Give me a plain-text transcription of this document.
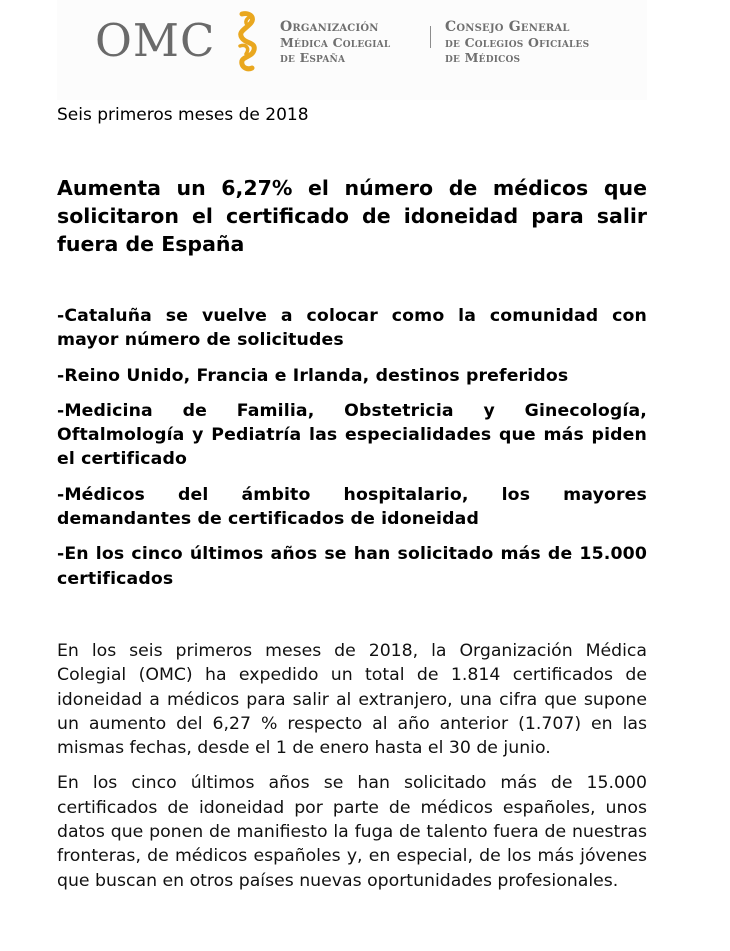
OMC	Organización
Médica Colegial
de España
Consejo General
de Colegios Oficiales
de Médicos
Seis primeros meses de 2018
Aumenta un 6,27% el número de médicos que solicitaron el certificado de idoneidad para salir fuera de España
-Cataluña se vuelve a colocar como la comunidad con mayor número de solicitudes
-Reino Unido, Francia e Irlanda, destinos preferidos
-Medicina de Familia, Obstetricia y Ginecología, Oftalmología y Pediatría las especialidades que más piden el certificado
-Médicos del ámbito hospitalario, los mayores demandantes de certificados de idoneidad
-En los cinco últimos años se han solicitado más de 15.000 certificados

En los seis primeros meses de 2018, la Organización Médica Colegial (OMC) ha expedido un total de 1.814 certificados de idoneidad a médicos para salir al extranjero, una cifra que supone un aumento del 6,27 % respecto al año anterior (1.707) en las mismas fechas, desde el 1 de enero hasta el 30 de junio.

En los cinco últimos años se han solicitado más de 15.000 certificados de idoneidad por parte de médicos españoles, unos datos que ponen de manifiesto la fuga de talento fuera de nuestras fronteras, de médicos españoles y, en especial, de los más jóvenes que buscan en otros países nuevas oportunidades profesionales.
